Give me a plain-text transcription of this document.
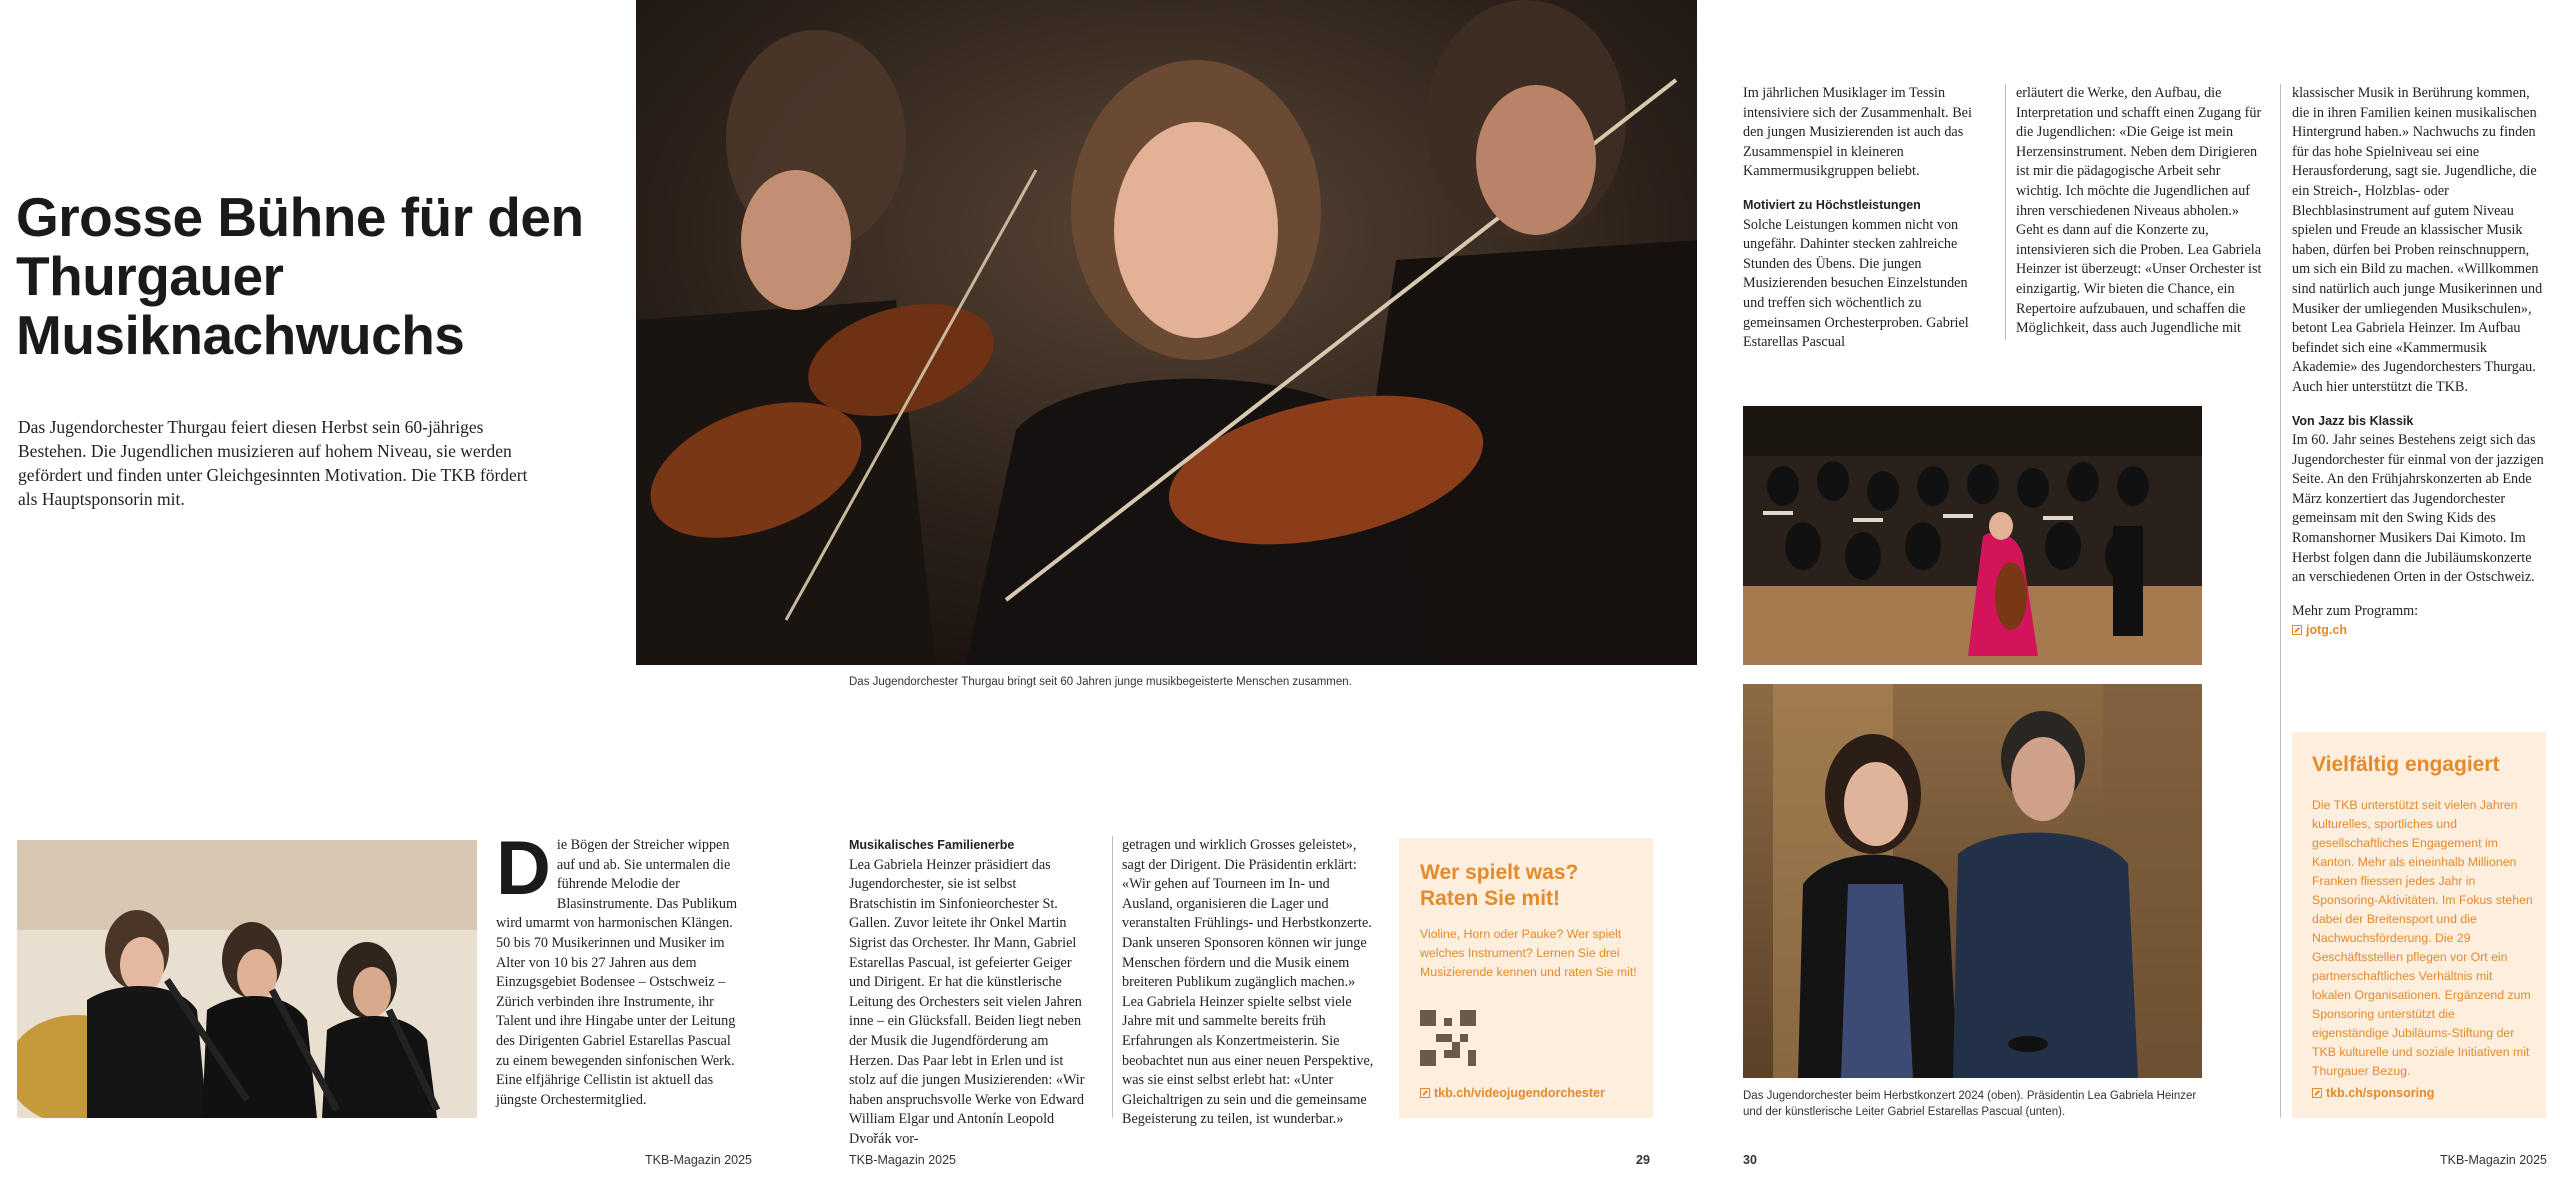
Grosse Bühne für den Thurgauer Musiknachwuchs
Das Jugendorchester Thurgau feiert diesen Herbst sein 60-jähriges Bestehen. Die Jugendlichen musizieren auf hohem Niveau, sie werden gefördert und finden unter Gleichgesinnten Motivation. Die TKB fördert als Hauptsponsorin mit.
Das Jugendorchester Thurgau bringt seit 60 Jahren junge musikbegeisterte Menschen zusammen.
D ie Bögen der Streicher wippen auf und ab. Sie untermalen die führende Melodie der Blasinstrumente. Das Publikum wird umarmt von harmonischen Klängen. 50 bis 70 Musikerinnen und Musiker im Alter von 10 bis 27 Jahren aus dem Einzugsgebiet Bodensee – Ostschweiz – Zürich verbinden ihre Instrumente, ihr Talent und ihre Hingabe unter der Leitung des Dirigenten Gabriel Estarellas Pascual zu einem bewegenden sinfonischen Werk. Eine elfjährige Cellistin ist aktuell das jüngste Orchestermitglied.

Musikalisches Familienerbe

Lea Gabriela Heinzer präsidiert das Jugendorchester, sie ist selbst Bratschistin im Sinfonieorchester St. Gallen. Zuvor leitete ihr Onkel Martin Sigrist das Orchester. Ihr Mann, Gabriel Estarellas Pascual, ist gefeierter Geiger und Dirigent. Er hat die künstlerische Leitung des Orchesters seit vielen Jahren inne – ein Glücksfall. Beiden liegt neben der Musik die Jugendförderung am Herzen. Das Paar lebt in Erlen und ist stolz auf die jungen Musizierenden: «Wir haben anspruchsvolle Werke von Edward William Elgar und Antonín Leopold Dvořák vor-

getragen und wirklich Grosses geleistet», sagt der Dirigent. Die Präsidentin erklärt: «Wir gehen auf Tourneen im In- und Ausland, organisieren die Lager und veranstalten Frühlings- und Herbstkonzerte. Dank unseren Sponsoren können wir junge Menschen fördern und die Musik einem breiteren Publikum zugänglich machen.» Lea Gabriela Heinzer spielte selbst viele Jahre mit und sammelte bereits früh Erfahrungen als Konzertmeisterin. Sie beobachtet nun aus einer neuen Perspektive, was sie einst selbst erlebt hat: «Unter Gleichaltrigen zu sein und die gemeinsame Begeisterung zu teilen, ist wunderbar.»

Wer spielt was? Raten Sie mit!
Violine, Horn oder Pauke? Wer spielt welches Instrument? Lernen Sie drei Musizierende kennen und raten Sie mit!
tkb.ch/videojugendorchester

Im jährlichen Musiklager im Tessin intensiviere sich der Zusammenhalt. Bei den jungen Musizierenden ist auch das Zusammenspiel in kleineren Kammermusikgruppen beliebt.

Motiviert zu Höchstleistungen

Solche Leistungen kommen nicht von ungefähr. Dahinter stecken zahlreiche Stunden des Übens. Die jungen Musizierenden besuchen Einzelstunden und treffen sich wöchentlich zu gemeinsamen Orchesterproben. Gabriel Estarellas Pascual

erläutert die Werke, den Aufbau, die Interpretation und schafft einen Zugang für die Jugendlichen: «Die Geige ist mein Herzensinstrument. Neben dem Dirigieren ist mir die pädagogische Arbeit sehr wichtig. Ich möchte die Jugendlichen auf ihren verschiedenen Niveaus abholen.» Geht es dann auf die Konzerte zu, intensivieren sich die Proben. Lea Gabriela Heinzer ist überzeugt: «Unser Orchester ist einzigartig. Wir bieten die Chance, ein Repertoire aufzubauen, und schaffen die Möglichkeit, dass auch Jugendliche mit

klassischer Musik in Berührung kommen, die in ihren Familien keinen musikalischen Hintergrund haben.» Nachwuchs zu finden für das hohe Spielniveau sei eine Herausforderung, sagt sie. Jugendliche, die ein Streich-, Holzblas- oder Blechblasinstrument auf gutem Niveau spielen und Freude an klassischer Musik haben, dürfen bei Proben reinschnuppern, um sich ein Bild zu machen. «Willkommen sind natürlich auch junge Musikerinnen und Musiker der umliegenden Musikschulen», betont Lea Gabriela Heinzer. Im Aufbau befindet sich eine «Kammermusik Akademie» des Jugendorchesters Thurgau. Auch hier unterstützt die TKB.

Von Jazz bis Klassik

Im 60. Jahr seines Bestehens zeigt sich das Jugendorchester für einmal von der jazzigen Seite. An den Frühjahrskonzerten ab Ende März konzertiert das Jugendorchester gemeinsam mit den Swing Kids des Romanshorner Musikers Dai Kimoto. Im Herbst folgen dann die Jubiläumskonzerte an verschiedenen Orten in der Ostschweiz.

Mehr zum Programm:

jotg.ch

Das Jugendorchester beim Herbstkonzert 2024 (oben). Präsidentin Lea Gabriela Heinzer und der künstlerische Leiter Gabriel Estarellas Pascual (unten).
Vielfältig engagiert
Die TKB unterstützt seit vielen Jahren kulturelles, sportliches und gesellschaftliches Engagement im Kanton. Mehr als eineinhalb Millionen Franken fliessen jedes Jahr in Sponsoring-Aktivitäten. Im Fokus stehen dabei der Breitensport und die Nachwuchsförderung. Die 29 Geschäftsstellen pflegen vor Ort ein partnerschaftliches Verhältnis mit lokalen Organisationen. Ergänzend zum Sponsoring unterstützt die eigenständige Jubiläums-Stiftung der TKB kulturelle und soziale Initiativen mit Thurgauer Bezug.
tkb.ch/sponsoring
TKB-Magazin 2025	TKB-Magazin 2025	29	30	TKB-Magazin 2025
